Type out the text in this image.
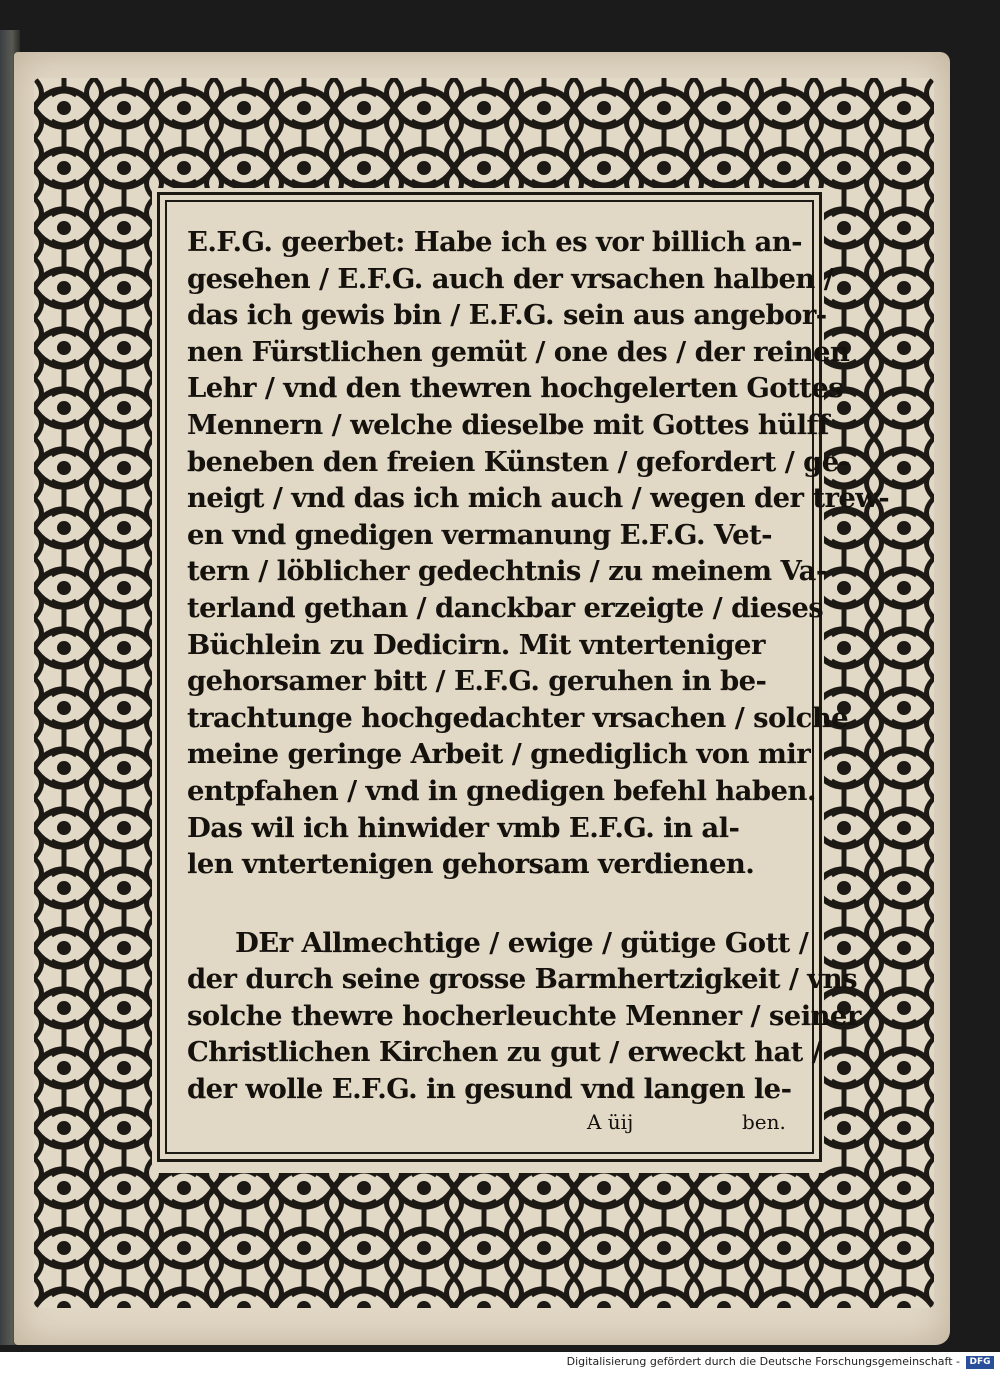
E.F.G. geerbet: Habe ich es vor billich an-
gesehen / E.F.G. auch der vrsachen halben /
das ich gewis bin / E.F.G. sein aus angebor-
nen Fürstlichen gemüt / one des / der reinen
Lehr / vnd den thewren hochgelerten Gottes
Mennern / welche dieselbe mit Gottes hülff
beneben den freien Künsten / gefordert / ge-
neigt / vnd das ich mich auch / wegen der trew-
en vnd gnedigen vermanung E.F.G. Vet-
tern / löblicher gedechtnis / zu meinem Va-
terland gethan / danckbar erzeigte / dieses
Büchlein zu Dedicirn. Mit vnterteniger
gehorsamer bitt / E.F.G. geruhen in be-
trachtunge hochgedachter vrsachen / solche
meine geringe Arbeit / gnediglich von mir
entpfahen / vnd in gnedigen befehl haben.
Das wil ich hinwider vmb E.F.G. in al-
len vntertenigen gehorsam verdienen.
DEr Allmechtige / ewige / gütige Gott /
der durch seine grosse Barmhertzigkeit / vns
solche thewre hocherleuchte Menner / seiner
Christlichen Kirchen zu gut / erweckt hat /
der wolle E.F.G. in gesund vnd langen le-
A üij	ben.
Digitalisierung gefördert durch die Deutsche Forschungsgemeinschaft -	DFG
